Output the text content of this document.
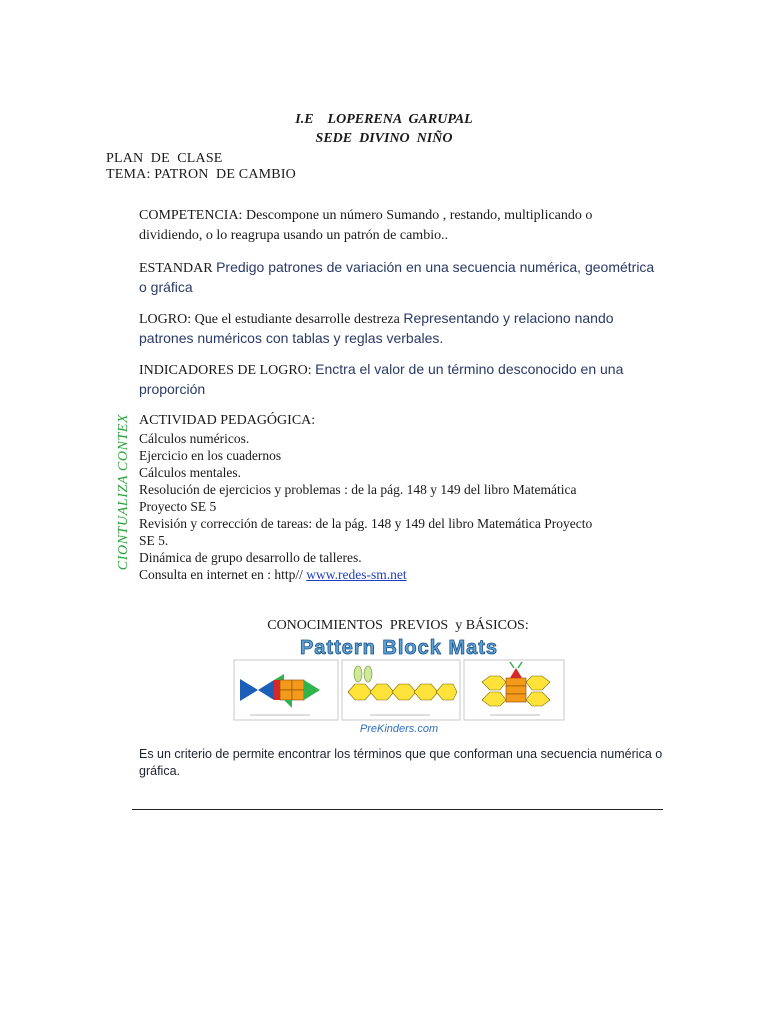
I.E    LOPERENA  GARUPAL
SEDE  DIVINO  NIÑO
PLAN  DE  CLASE
TEMA: PATRON  DE CAMBIO
COMPETENCIA: Descompone un número Sumando , restando, multiplicando o
dividiendo, o lo reagrupa usando un patrón de cambio..
ESTANDAR Predigo patrones de variación en una secuencia numérica, geométrica o gráfica
LOGRO: Que el estudiante desarrolle destreza Representando y relaciono nando patrones numéricos con tablas y reglas verbales.
INDICADORES DE LOGRO: Enctra el valor de un término desconocido en una proporción
CIONTUALIZA CONTEX ACTIVIDAD PEDAGÓGICA:
Cálculos numéricos.
Ejercicio en los cuadernos
Cálculos mentales.
Resolución de ejercicios y problemas : de la pág. 148 y 149 del libro Matemática
Proyecto SE 5
Revisión y corrección de tareas: de la pág. 148 y 149 del libro Matemática Proyecto
SE 5.
Dinámica de grupo desarrollo de talleres.
Consulta en internet en : http// www.redes-sm.net
CONOCIMIENTOS  PREVIOS  y BÁSICOS:
Pattern Block Mats
PreKinders.com
Es un criterio de permite encontrar los términos que que conforman una secuencia numérica o gráfica.
